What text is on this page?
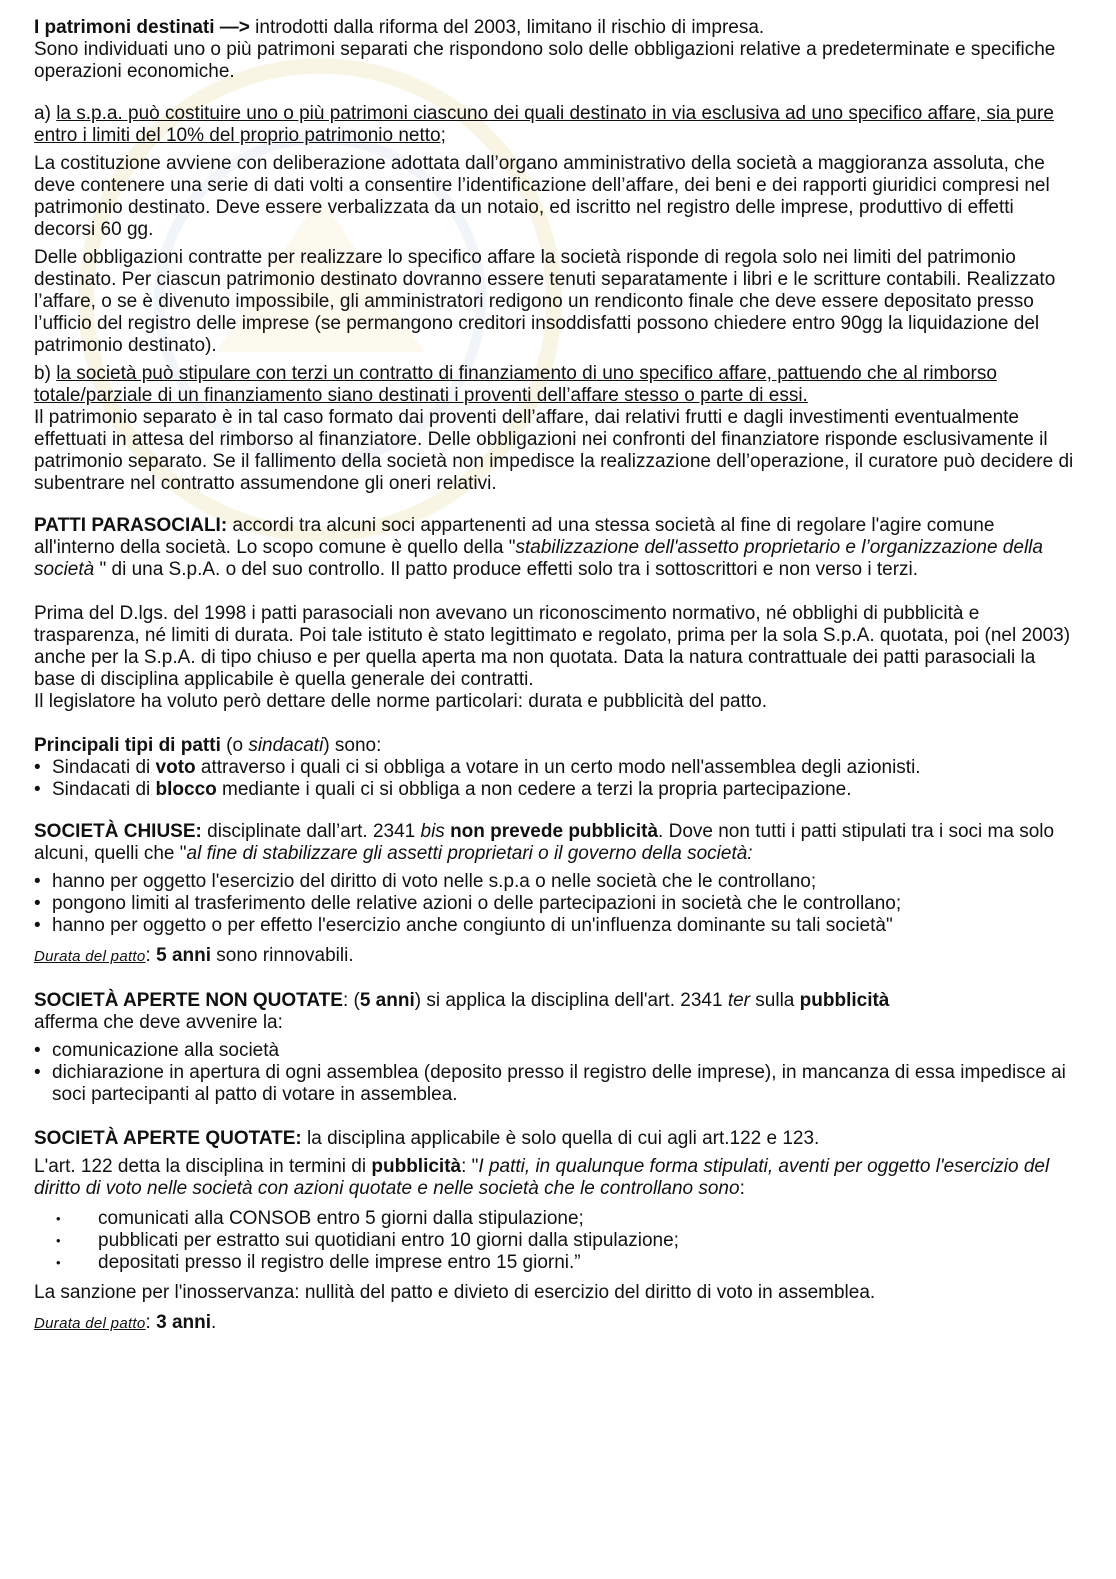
I patrimoni destinati —> introdotti dalla riforma del 2003, limitano il rischio di impresa.
Sono individuati uno o più patrimoni separati che rispondono solo delle obbligazioni relative a predeterminate e specifiche operazioni economiche.

a) la s.p.a. può costituire uno o più patrimoni ciascuno dei quali destinato in via esclusiva ad uno specifico affare, sia pure entro i limiti del 10% del proprio patrimonio netto;

La costituzione avviene con deliberazione adottata dall’organo amministrativo della società a maggioranza assoluta, che deve contenere una serie di dati volti a consentire l’identificazione dell’affare, dei beni e dei rapporti giuridici compresi nel patrimonio destinato. Deve essere verbalizzata da un notaio, ed iscritto nel registro delle imprese, produttivo di effetti decorsi 60 gg.

Delle obbligazioni contratte per realizzare lo specifico affare la società risponde di regola solo nei limiti del patrimonio destinato. Per ciascun patrimonio destinato dovranno essere tenuti separatamente i libri e le scritture contabili. Realizzato l’affare, o se è divenuto impossibile, gli amministratori redigono un rendiconto finale che deve essere depositato presso l’ufficio del registro delle imprese (se permangono creditori insoddisfatti possono chiedere entro 90gg la liquidazione del patrimonio destinato).

b) la società può stipulare con terzi un contratto di finanziamento di uno specifico affare, pattuendo che al rimborso totale/parziale di un finanziamento siano destinati i proventi dell’affare stesso o parte di essi.
Il patrimonio separato è in tal caso formato dai proventi dell’affare, dai relativi frutti e dagli investimenti eventualmente effettuati in attesa del rimborso al finanziatore. Delle obbligazioni nei confronti del finanziatore risponde esclusivamente il patrimonio separato. Se il fallimento della società non impedisce la realizzazione dell’operazione, il curatore può decidere di subentrare nel contratto assumendone gli oneri relativi.

PATTI PARASOCIALI: accordi tra alcuni soci appartenenti ad una stessa società al fine di regolare l'agire comune all'interno della società. Lo scopo comune è quello della "stabilizzazione dell'assetto proprietario e l’organizzazione della società " di una S.p.A. o del suo controllo. Il patto produce effetti solo tra i sottoscrittori e non verso i terzi.

Prima del D.lgs. del 1998 i patti parasociali non avevano un riconoscimento normativo, né obblighi di pubblicità e trasparenza, né limiti di durata. Poi tale istituto è stato legittimato e regolato, prima per la sola S.p.A. quotata, poi (nel 2003) anche per la S.p.A. di tipo chiuso e per quella aperta ma non quotata. Data la natura contrattuale dei patti parasociali la base di disciplina applicabile è quella generale dei contratti.

Il legislatore ha voluto però dettare delle norme particolari: durata e pubblicità del patto.

Principali tipi di patti (o sindacati) sono:

• Sindacati di voto attraverso i quali ci si obbliga a votare in un certo modo nell'assemblea degli azionisti.
• Sindacati di blocco mediante i quali ci si obbliga a non cedere a terzi la propria partecipazione.

SOCIETÀ CHIUSE: disciplinate dall’art. 2341 bis non prevede pubblicità. Dove non tutti i patti stipulati tra i soci ma solo alcuni, quelli che "al fine di stabilizzare gli assetti proprietari o il governo della società:

• hanno per oggetto l'esercizio del diritto di voto nelle s.p.a o nelle società che le controllano;
• pongono limiti al trasferimento delle relative azioni o delle partecipazioni in società che le controllano;
• hanno per oggetto o per effetto l'esercizio anche congiunto di un'influenza dominante su tali società"

Durata del patto: 5 anni sono rinnovabili.

SOCIETÀ APERTE NON QUOTATE: (5 anni) si applica la disciplina dell'art. 2341 ter sulla pubblicità
afferma che deve avvenire la:

• comunicazione alla società
• dichiarazione in apertura di ogni assemblea (deposito presso il registro delle imprese), in mancanza di essa impedisce ai soci partecipanti al patto di votare in assemblea.

SOCIETÀ APERTE QUOTATE: la disciplina applicabile è solo quella di cui agli art.122 e 123.

L'art. 122 detta la disciplina in termini di pubblicità: "I patti, in qualunque forma stipulati, aventi per oggetto l'esercizio del diritto di voto nelle società con azioni quotate e nelle società che le controllano sono:

• comunicati alla CONSOB entro 5 giorni dalla stipulazione;
• pubblicati per estratto sui quotidiani entro 10 giorni dalla stipulazione;
• depositati presso il registro delle imprese entro 15 giorni.”

La sanzione per l'inosservanza: nullità del patto e divieto di esercizio del diritto di voto in assemblea.

Durata del patto: 3 anni.
